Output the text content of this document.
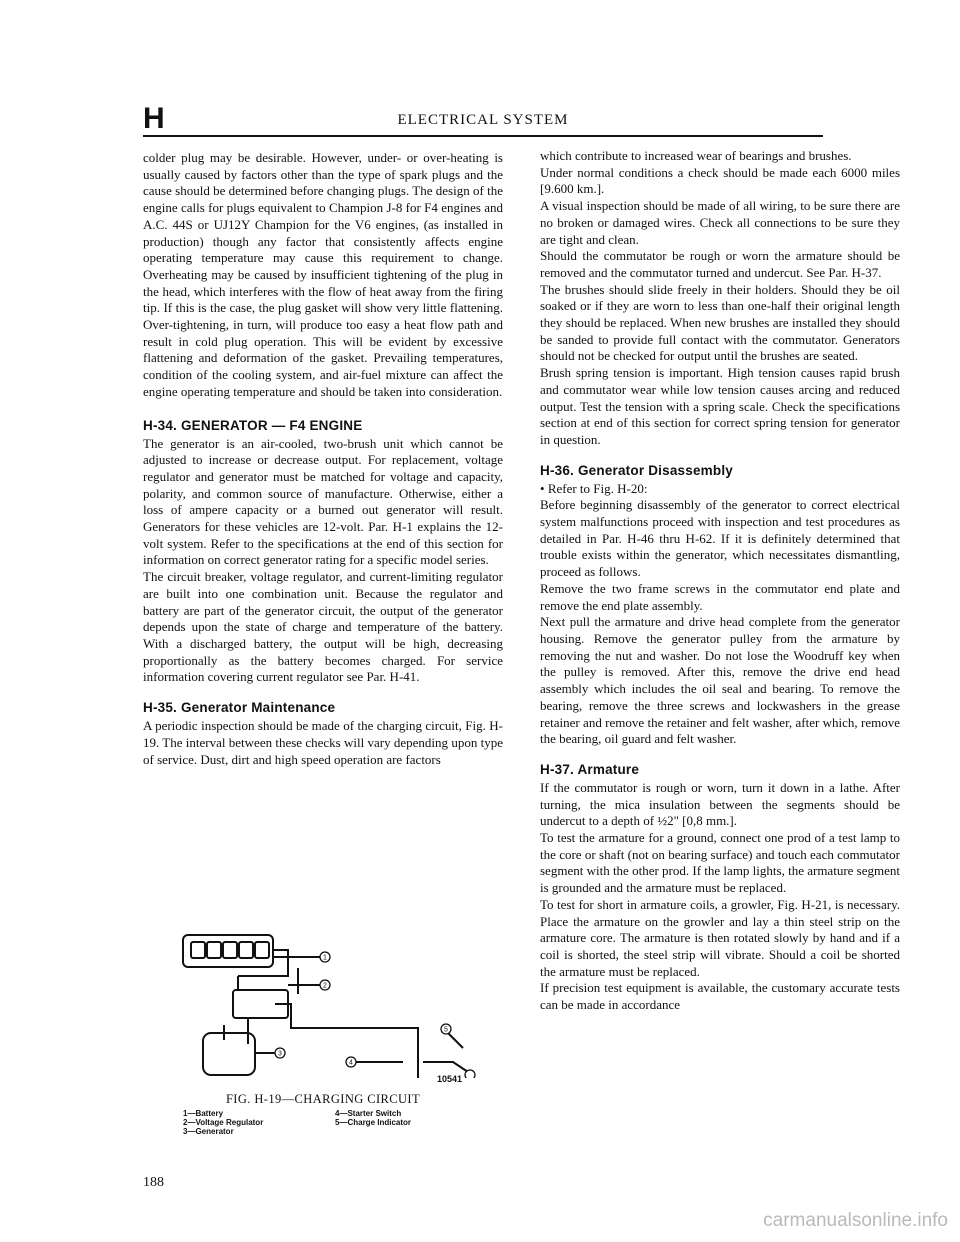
H	ELECTRICAL SYSTEM

colder plug may be desirable. However, under- or over-heating is usually caused by factors other than the type of spark plugs and the cause should be determined before changing plugs. The design of the engine calls for plugs equivalent to Champion J-8 for F4 engines and A.C. 44S or UJ12Y Champion for the V6 engines, (as installed in production) though any factor that consistently affects engine operating temperature may cause this requirement to change. Overheating may be caused by insufficient tightening of the plug in the head, which interferes with the flow of heat away from the firing tip. If this is the case, the plug gasket will show very little flattening. Over-tightening, in turn, will produce too easy a heat flow path and result in cold plug operation. This will be evident by excessive flattening and deformation of the gasket. Prevailing temperatures, condition of the cooling system, and air-fuel mixture can affect the engine operating temperature and should be taken into consideration.

H-34. GENERATOR — F4 ENGINE

The generator is an air-cooled, two-brush unit which cannot be adjusted to increase or decrease output. For replacement, voltage regulator and generator must be matched for voltage and capacity, polarity, and common source of manufacture. Otherwise, either a loss of ampere capacity or a burned out generator will result. Generators for these vehicles are 12-volt. Par. H-1 explains the 12-volt system. Refer to the specifications at the end of this section for information on correct generator rating for a specific model series.

The circuit breaker, voltage regulator, and current-limiting regulator are built into one combination unit. Because the regulator and battery are part of the generator circuit, the output of the generator depends upon the state of charge and temperature of the battery. With a discharged battery, the output will be high, decreasing proportionally as the battery becomes charged. For service information covering current regulator see Par. H-41.

H-35. Generator Maintenance

A periodic inspection should be made of the charging circuit, Fig. H-19. The interval between these checks will vary depending upon type of service. Dust, dirt and high speed operation are factors

1
2
3
4
5
10541
FIG. H-19—CHARGING CIRCUIT
1—Battery
2—Voltage Regulator
3—Generator
4—Starter Switch
5—Charge Indicator

which contribute to increased wear of bearings and brushes.

Under normal conditions a check should be made each 6000 miles [9.600 km.].

A visual inspection should be made of all wiring, to be sure there are no broken or damaged wires. Check all connections to be sure they are tight and clean.

Should the commutator be rough or worn the armature should be removed and the commutator turned and undercut. See Par. H-37.

The brushes should slide freely in their holders. Should they be oil soaked or if they are worn to less than one-half their original length they should be replaced. When new brushes are installed they should be sanded to provide full contact with the commutator. Generators should not be checked for output until the brushes are seated.

Brush spring tension is important. High tension causes rapid brush and commutator wear while low tension causes arcing and reduced output. Test the tension with a spring scale. Check the specifications section at end of this section for correct spring tension for generator in question.

H-36. Generator Disassembly

• Refer to Fig. H-20:

Before beginning disassembly of the generator to correct electrical system malfunctions proceed with inspection and test procedures as detailed in Par. H-46 thru H-62. If it is definitely determined that trouble exists within the generator, which necessitates dismantling, proceed as follows.

Remove the two frame screws in the commutator end plate and remove the end plate assembly.

Next pull the armature and drive head complete from the generator housing. Remove the generator pulley from the armature by removing the nut and washer. Do not lose the Woodruff key when the pulley is removed. After this, remove the drive end head assembly which includes the oil seal and bearing. To remove the bearing, remove the three screws and lockwashers in the grease retainer and remove the retainer and felt washer, after which, remove the bearing, oil guard and felt washer.

H-37. Armature

If the commutator is rough or worn, turn it down in a lathe. After turning, the mica insulation between the segments should be undercut to a depth of ½2" [0,8 mm.].

To test the armature for a ground, connect one prod of a test lamp to the core or shaft (not on bearing surface) and touch each commutator segment with the other prod. If the lamp lights, the armature segment is grounded and the armature must be replaced.

To test for short in armature coils, a growler, Fig. H-21, is necessary. Place the armature on the growler and lay a thin steel strip on the armature core. The armature is then rotated slowly by hand and if a coil is shorted, the steel strip will vibrate. Should a coil be shorted the armature must be replaced.

If precision test equipment is available, the customary accurate tests can be made in accordance

188
carmanualsonline.info
